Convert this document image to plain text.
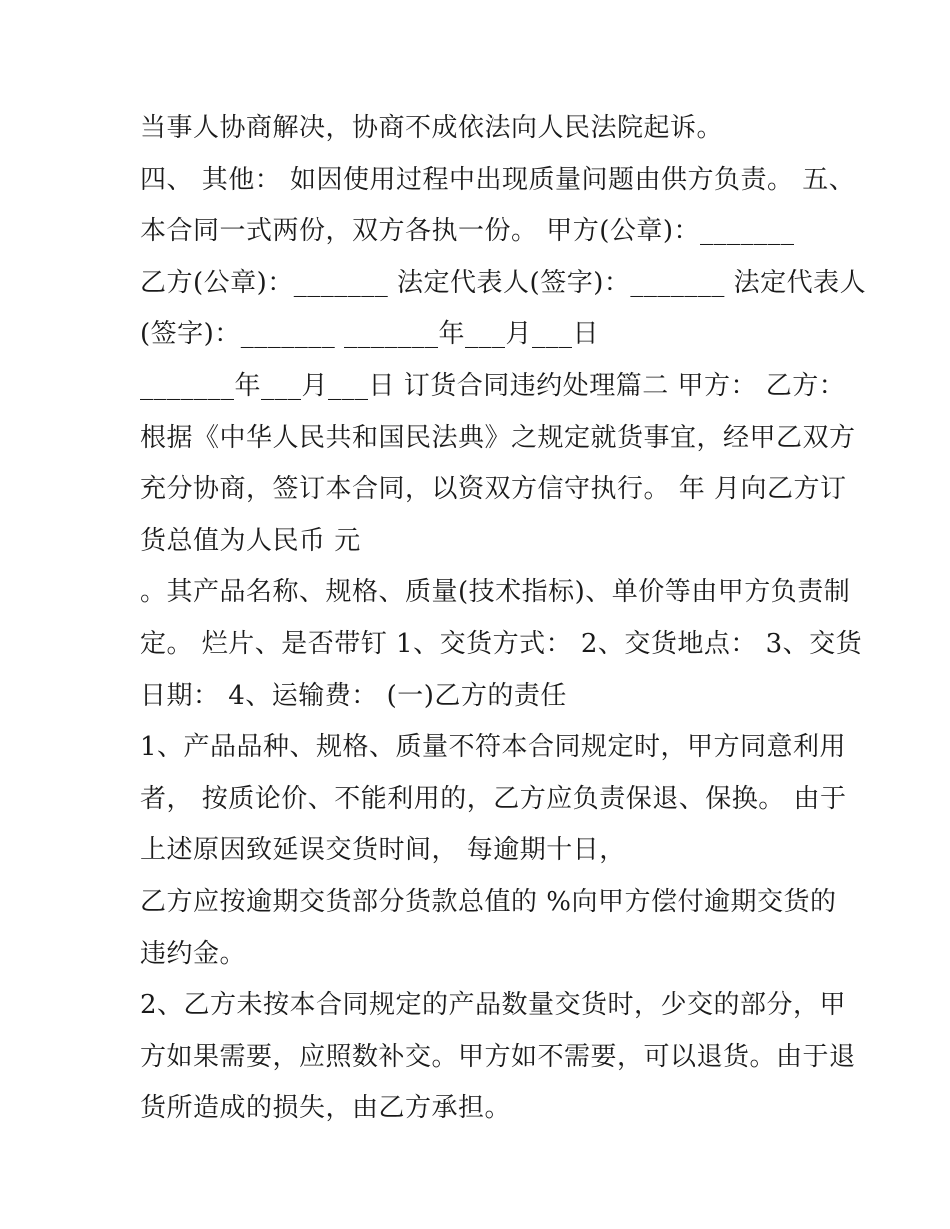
当事人协商解决，协商不成依法向人民法院起诉。
四、 其他： 如因使用过程中出现质量问题由供方负责。 五、
本合同一式两份，双方各执一份。 甲方(公章)：_______
乙方(公章)：_______ 法定代表人(签字)：_______ 法定代表人
(签字)：_______ _______年___月___日
_______年___月___日 订货合同违约处理篇二 甲方： 乙方：
根据《中华人民共和国民法典》之规定就货事宜，经甲乙双方
充分协商，签订本合同，以资双方信守执行。 年 月向乙方订
货总值为人民币 元
。其产品名称、规格、质量(技术指标)、单价等由甲方负责制
定。 烂片、是否带钉 1、交货方式： 2、交货地点： 3、交货
日期： 4、运输费： (一)乙方的责任
1、产品品种、规格、质量不符本合同规定时，甲方同意利用
者， 按质论价、不能利用的，乙方应负责保退、保换。 由于
上述原因致延误交货时间， 每逾期十日，
乙方应按逾期交货部分货款总值的 %向甲方偿付逾期交货的
违约金。
2、乙方未按本合同规定的产品数量交货时，少交的部分，甲
方如果需要，应照数补交。甲方如不需要，可以退货。由于退
货所造成的损失，由乙方承担。
